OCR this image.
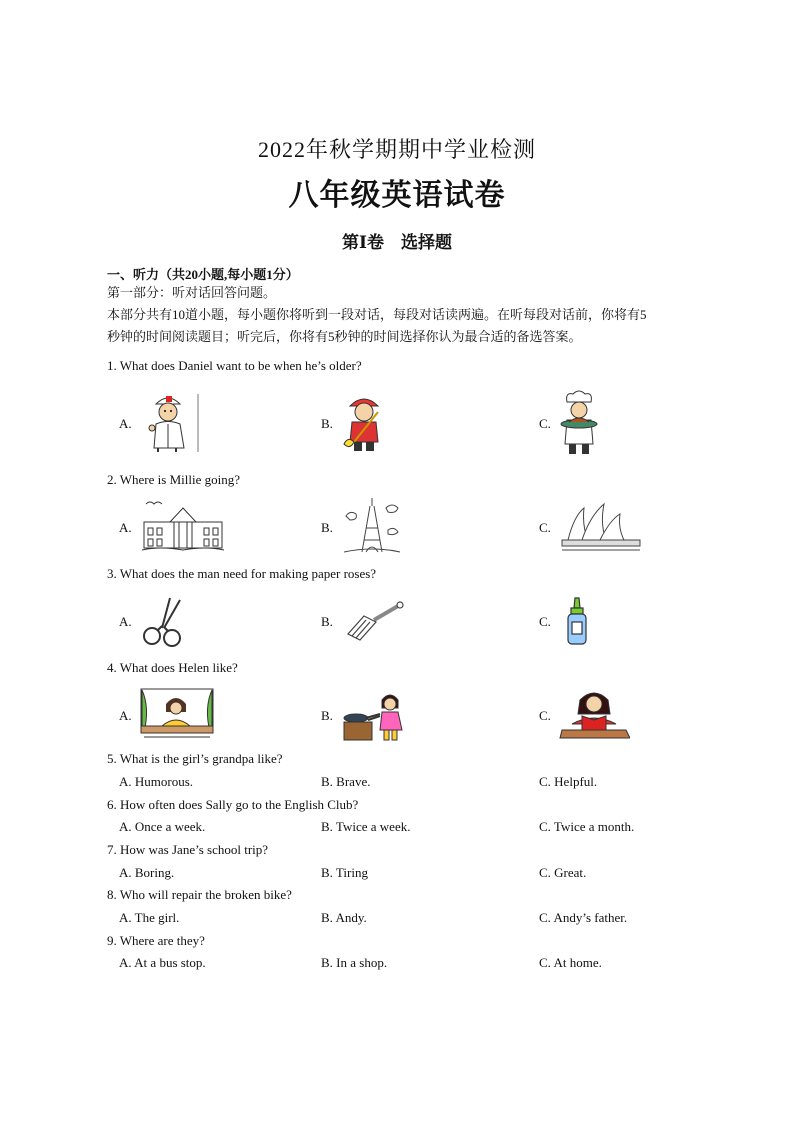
2022年秋学期期中学业检测
八年级英语试卷
第Ⅰ卷　选择题
一、听力（共20小题,每小题1分）
第一部分：听对话回答问题。
本部分共有10道小题，每小题你将听到一段对话，每段对话读两遍。在听每段对话前，你将有5
秒钟的时间阅读题目；听完后，你将有5秒钟的时间选择你认为最合适的备选答案。
1. What does Daniel want to be when he’s older?
A.	B.	C.
2. Where is Millie going?
A.	B.	C.
3. What does the man need for making paper roses?
A.	B.	C.
4. What does Helen like?
A.	B.	C.
5. What is the girl’s grandpa like?
A. Humorous.	B. Brave.	C. Helpful.
6. How often does Sally go to the English Club?
A. Once a week.	B. Twice a week.	C. Twice a month.
7. How was Jane’s school trip?
A. Boring.	B. Tiring	C. Great.
8. Who will repair the broken bike?
A. The girl.	B. Andy.	C. Andy’s father.
9. Where are they?
A. At a bus stop.	B. In a shop.	C. At home.
